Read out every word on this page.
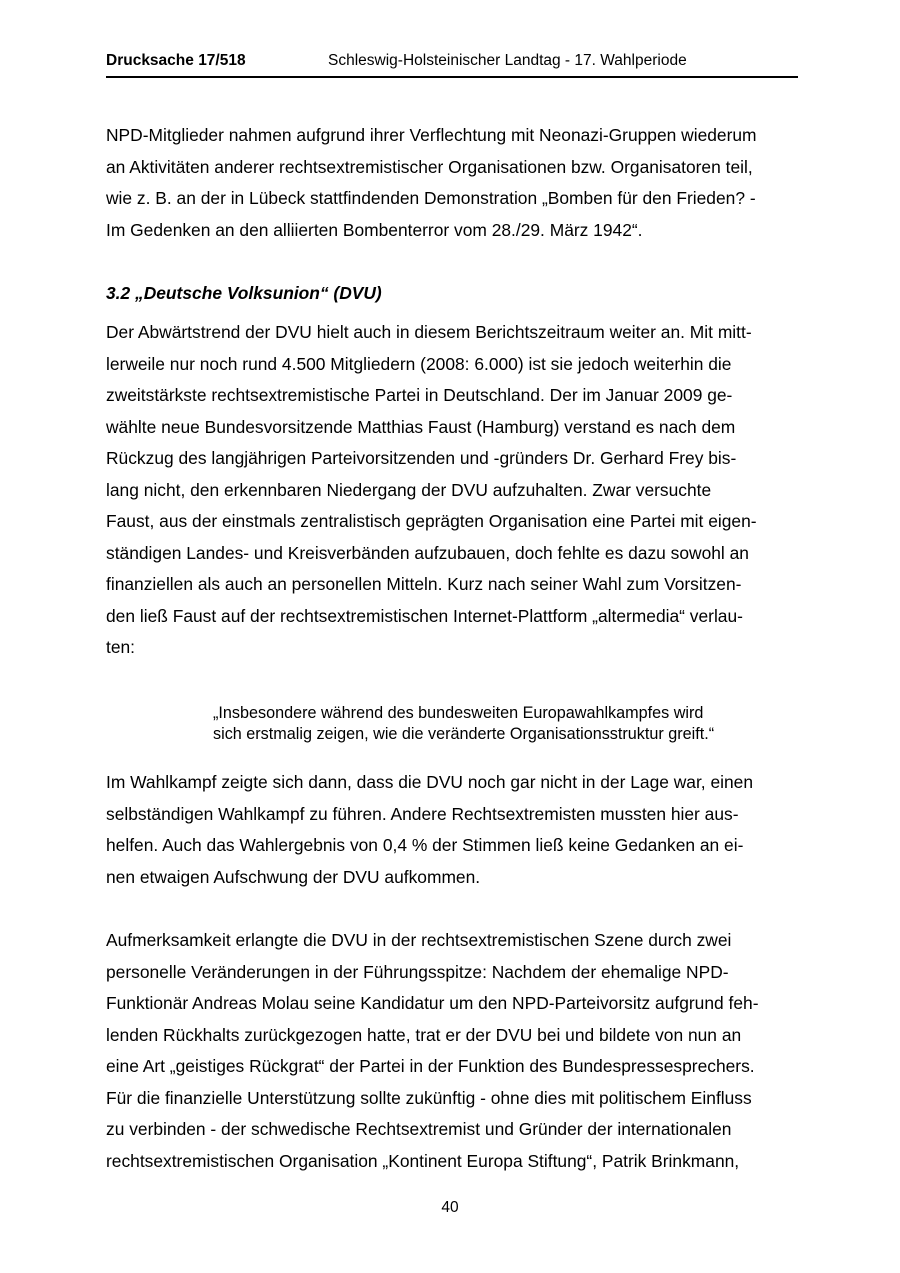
Drucksache 17/518	Schleswig-Holsteinischer Landtag - 17. Wahlperiode

NPD-Mitglieder nahmen aufgrund ihrer Verflechtung mit Neonazi-Gruppen wiederum
an Aktivitäten anderer rechtsextremistischer Organisationen bzw. Organisatoren teil,
wie z. B. an der in Lübeck stattfindenden Demonstration „Bomben für den Frieden? -
Im Gedenken an den alliierten Bombenterror vom 28./29. März 1942“.

3.2 „Deutsche Volksunion“ (DVU)

Der Abwärtstrend der DVU hielt auch in diesem Berichtszeitraum weiter an. Mit mitt-
lerweile nur noch rund 4.500 Mitgliedern (2008: 6.000) ist sie jedoch weiterhin die
zweitstärkste rechtsextremistische Partei in Deutschland. Der im Januar 2009 ge-
wählte neue Bundesvorsitzende Matthias Faust (Hamburg) verstand es nach dem
Rückzug des langjährigen Parteivorsitzenden und -gründers Dr. Gerhard Frey bis-
lang nicht, den erkennbaren Niedergang der DVU aufzuhalten. Zwar versuchte
Faust, aus der einstmals zentralistisch geprägten Organisation eine Partei mit eigen-
ständigen Landes- und Kreisverbänden aufzubauen, doch fehlte es dazu sowohl an
finanziellen als auch an personellen Mitteln. Kurz nach seiner Wahl zum Vorsitzen-
den ließ Faust auf der rechtsextremistischen Internet-Plattform „altermedia“ verlau-
ten:

„Insbesondere während des bundesweiten Europawahlkampfes wird
sich erstmalig zeigen, wie die veränderte Organisationsstruktur greift.“

Im Wahlkampf zeigte sich dann, dass die DVU noch gar nicht in der Lage war, einen
selbständigen Wahlkampf zu führen. Andere Rechtsextremisten mussten hier aus-
helfen. Auch das Wahlergebnis von 0,4 % der Stimmen ließ keine Gedanken an ei-
nen etwaigen Aufschwung der DVU aufkommen.

Aufmerksamkeit erlangte die DVU in der rechtsextremistischen Szene durch zwei
personelle Veränderungen in der Führungsspitze: Nachdem der ehemalige NPD-
Funktionär Andreas Molau seine Kandidatur um den NPD-Parteivorsitz aufgrund feh-
lenden Rückhalts zurückgezogen hatte, trat er der DVU bei und bildete von nun an
eine Art „geistiges Rückgrat“ der Partei in der Funktion des Bundespressesprechers.
Für die finanzielle Unterstützung sollte zukünftig - ohne dies mit politischem Einfluss
zu verbinden - der schwedische Rechtsextremist und Gründer der internationalen
rechtsextremistischen Organisation „Kontinent Europa Stiftung“, Patrik Brinkmann,

40
